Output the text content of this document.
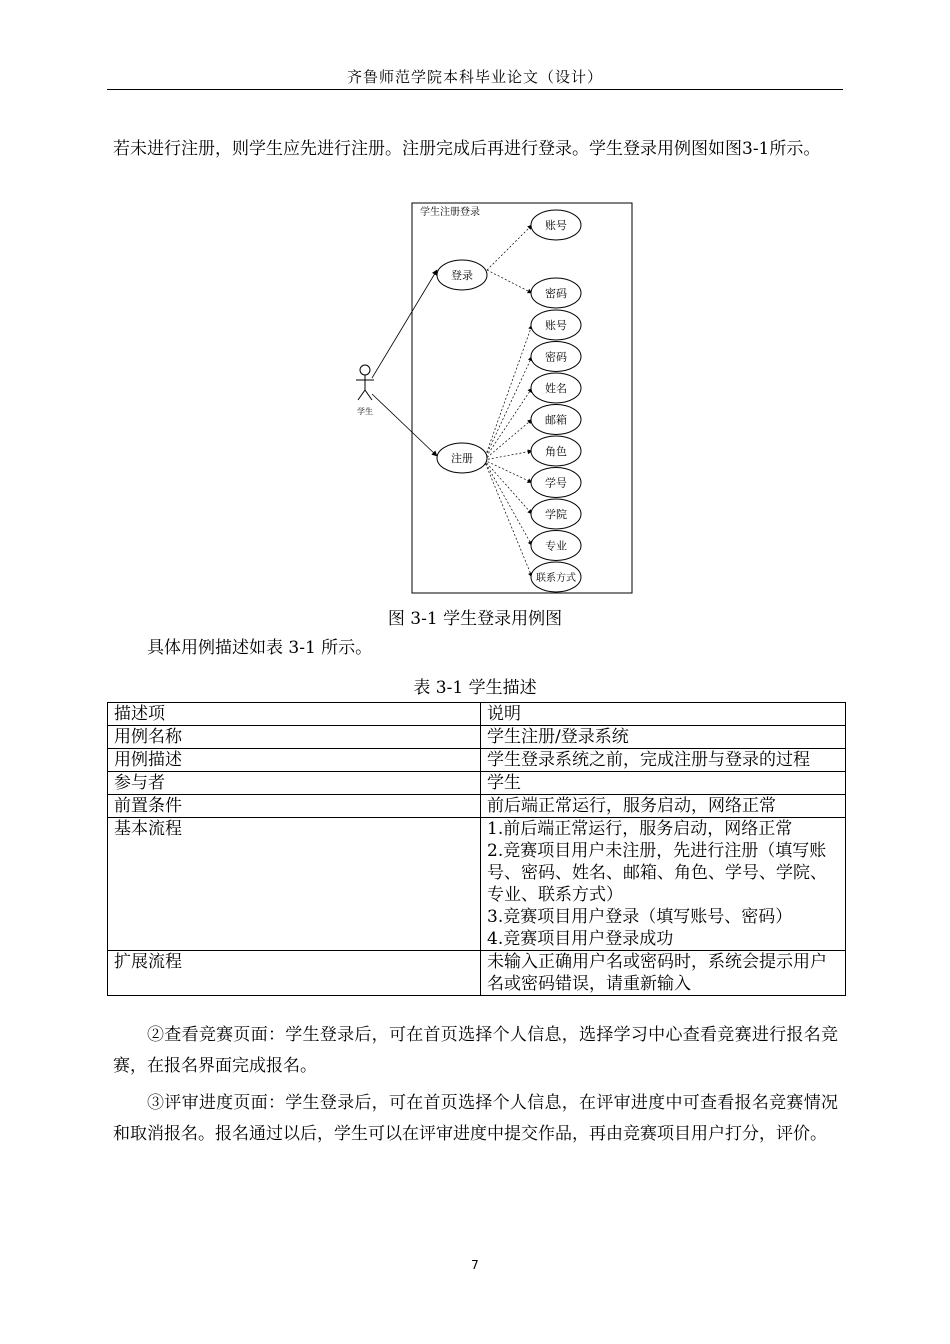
齐鲁师范学院本科毕业论文（设计）

若未进行注册，则学生应先进行注册。注册完成后再进行登录。学生登录用例图如图3-1所示。

学生注册登录
学生
登录
注册
账号
密码
账号
密码
姓名
邮箱
角色
学号
学院
专业
联系方式
图 3-1 学生登录用例图

具体用例描述如表 3-1 所示。

表 3-1 学生描述
描述项	说明
用例名称	学生注册/登录系统
用例描述	学生登录系统之前，完成注册与登录的过程
参与者	学生
前置条件	前后端正常运行，服务启动，网络正常
基本流程	1.前后端正常运行，服务启动，网络正常
2.竞赛项目用户未注册，先进行注册（填写账号、密码、姓名、邮箱、角色、学号、学院、专业、联系方式）
3.竞赛项目用户登录（填写账号、密码）
4.竞赛项目用户登录成功
扩展流程	未输入正确用户名或密码时，系统会提示用户名或密码错误，请重新输入

②查看竞赛页面：学生登录后，可在首页选择个人信息，选择学习中心查看竞赛进行报名竞赛，在报名界面完成报名。

③评审进度页面：学生登录后，可在首页选择个人信息，在评审进度中可查看报名竞赛情况和取消报名。报名通过以后，学生可以在评审进度中提交作品，再由竞赛项目用户打分，评价。

7
